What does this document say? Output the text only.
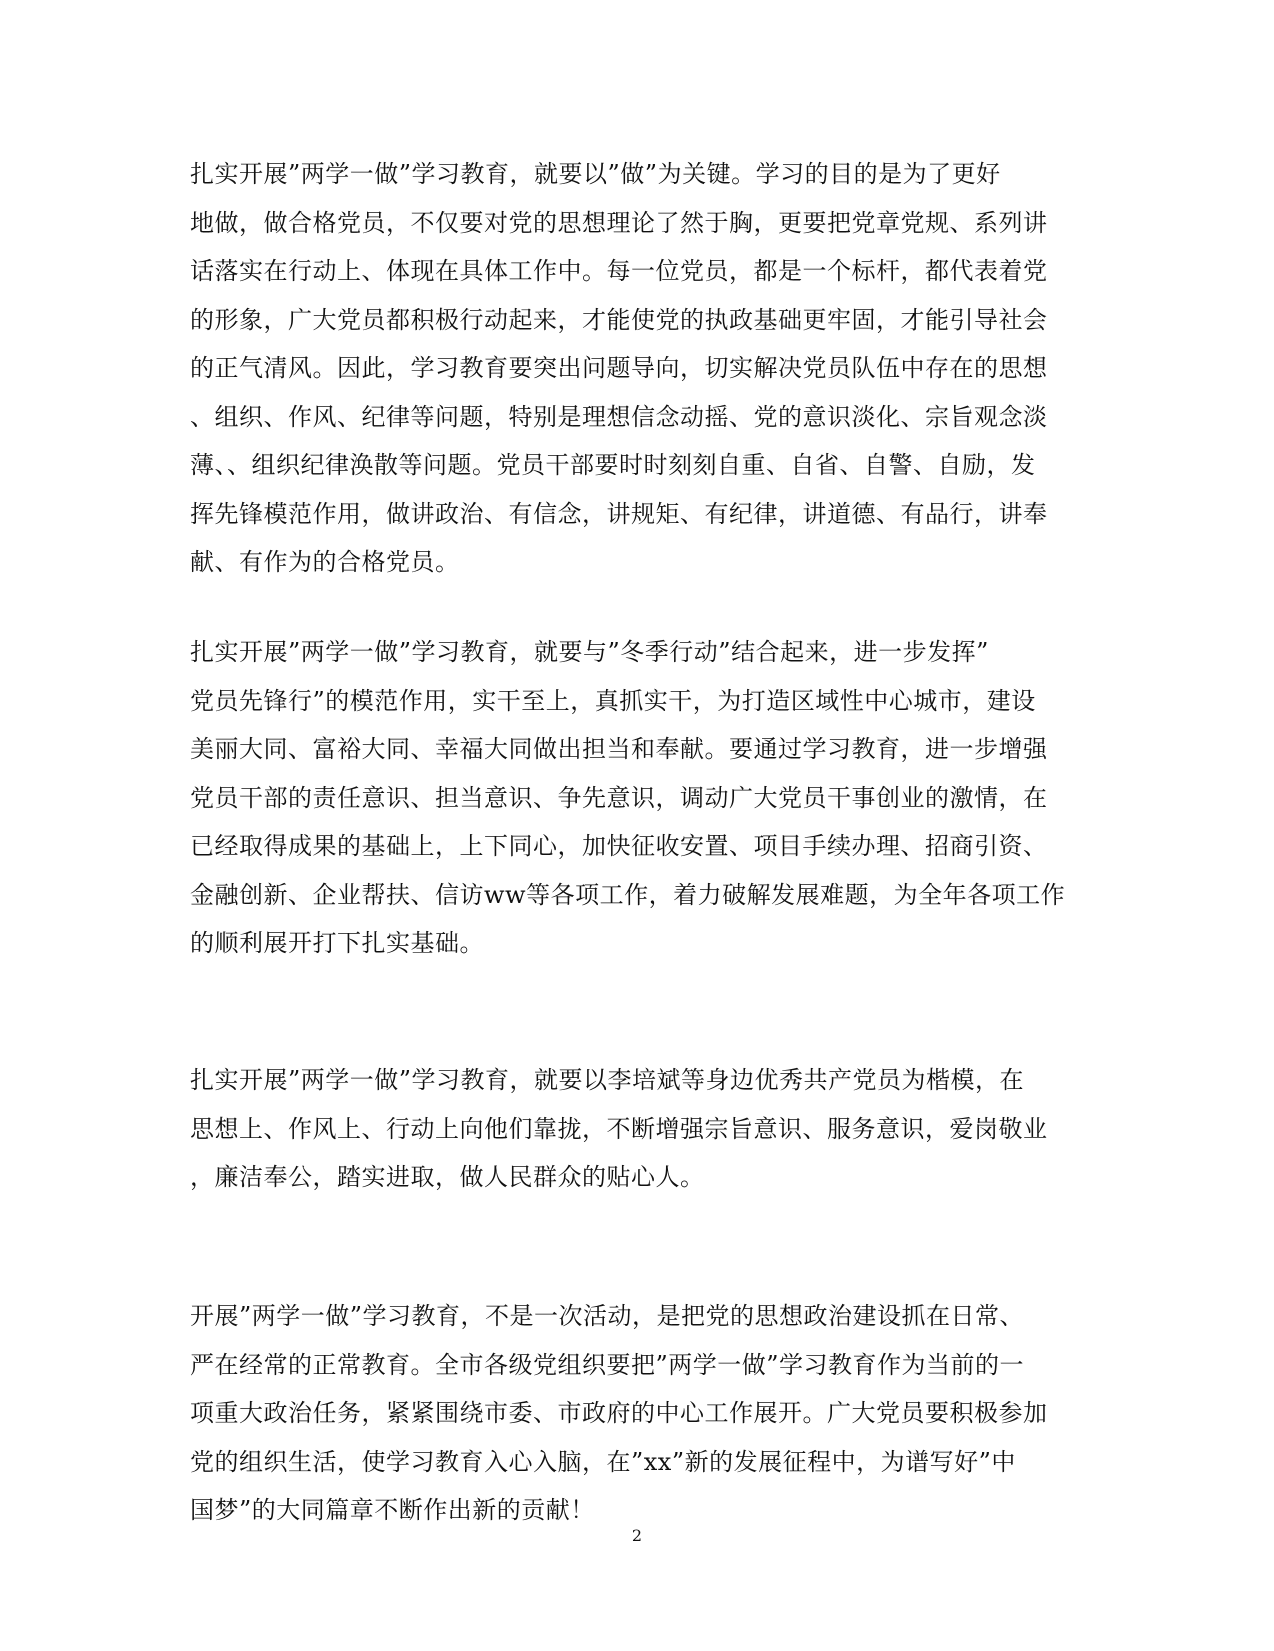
扎实开展”两学一做”学习教育，就要以”做”为关键。学习的目的是为了更好
地做，做合格党员，不仅要对党的思想理论了然于胸，更要把党章党规、系列讲
话落实在行动上、体现在具体工作中。每一位党员，都是一个标杆，都代表着党
的形象，广大党员都积极行动起来，才能使党的执政基础更牢固，才能引导社会
的正气清风。因此，学习教育要突出问题导向，切实解决党员队伍中存在的思想
、组织、作风、纪律等问题，特别是理想信念动摇、党的意识淡化、宗旨观念淡
薄、、组织纪律涣散等问题。党员干部要时时刻刻自重、自省、自警、自励，发
挥先锋模范作用，做讲政治、有信念，讲规矩、有纪律，讲道德、有品行，讲奉
献、有作为的合格党员。

扎实开展”两学一做”学习教育，就要与”冬季行动”结合起来，进一步发挥”
党员先锋行”的模范作用，实干至上，真抓实干，为打造区域性中心城市，建设
美丽大同、富裕大同、幸福大同做出担当和奉献。要通过学习教育，进一步增强
党员干部的责任意识、担当意识、争先意识，调动广大党员干事创业的激情，在
已经取得成果的基础上，上下同心，加快征收安置、项目手续办理、招商引资、
金融创新、企业帮扶、信访ww等各项工作，着力破解发展难题，为全年各项工作
的顺利展开打下扎实基础。

扎实开展”两学一做”学习教育，就要以李培斌等身边优秀共产党员为楷模，在
思想上、作风上、行动上向他们靠拢，不断增强宗旨意识、服务意识，爱岗敬业
，廉洁奉公，踏实进取，做人民群众的贴心人。

开展”两学一做”学习教育，不是一次活动，是把党的思想政治建设抓在日常、
严在经常的正常教育。全市各级党组织要把”两学一做”学习教育作为当前的一
项重大政治任务，紧紧围绕市委、市政府的中心工作展开。广大党员要积极参加
党的组织生活，使学习教育入心入脑，在”xx”新的发展征程中，为谱写好”中
国梦”的大同篇章不断作出新的贡献！

2
